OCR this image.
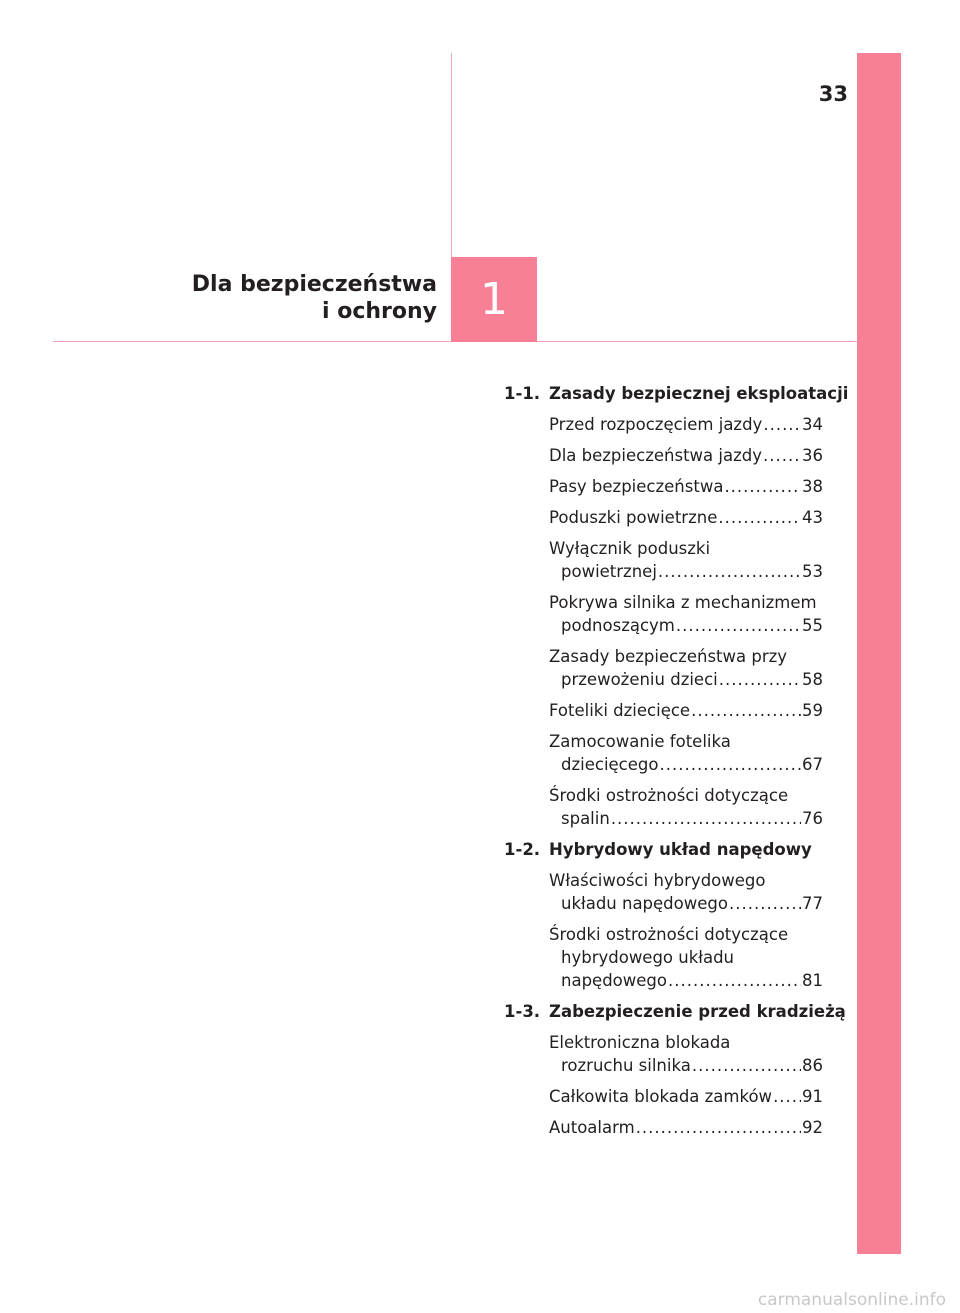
33
Dla bezpieczeństwa
i ochrony 1
1-1. Zasady bezpiecznej eksploatacji
Przed rozpoczęciem jazdy ..... 34
Dla bezpieczeństwa jazdy ..... 36
Pasy bezpieczeństwa .....	38
Poduszki powietrzne .....	43
Wyłącznik poduszki
powietrznej .....	53
Pokrywa silnika z mechanizmem
podnoszącym .....	55
Zasady bezpieczeństwa przy
przewożeniu dzieci .....	58
Foteliki dziecięce .....	59
Zamocowanie fotelika
dziecięcego .....	67
Środki ostrożności dotyczące
spalin .....	76
1-2. Hybrydowy układ napędowy
Właściwości hybrydowego
układu napędowego .....	77
Środki ostrożności dotyczące
hybrydowego układu
napędowego .....	81
1-3. Zabezpieczenie przed kradzieżą
Elektroniczna blokada
rozruchu silnika .....	86
Całkowita blokada zamków ..... 91
Autoalarm .....	92
carmanualsonline.info
